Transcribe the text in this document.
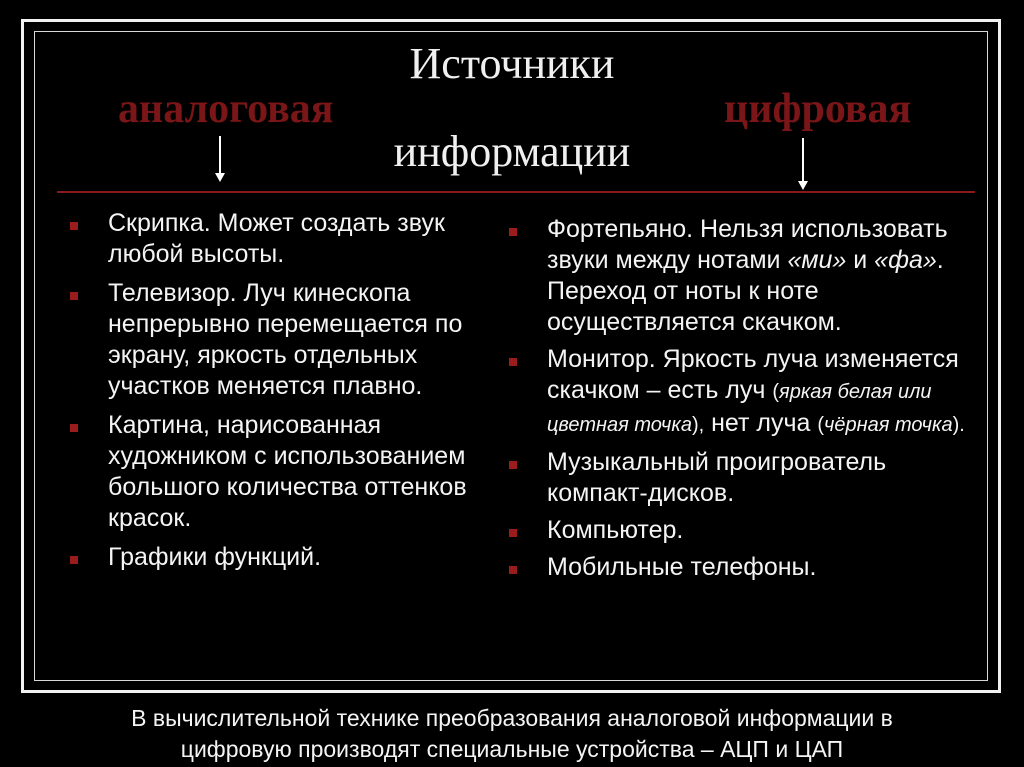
Источники
аналоговая	цифровая
информации
Скрипка. Может создать звук любой высоты.
Телевизор. Луч кинескопа непрерывно перемещается по экрану, яркость отдельных участков меняется плавно.
Картина, нарисованная художником с использованием большого количества оттенков красок.
Графики функций.
Фортепьяно. Нельзя использовать звуки между нотами «ми» и «фа». Переход от ноты к ноте осуществляется скачком.
Монитор. Яркость луча изменяется скачком – есть луч (яркая белая или цветная точка), нет луча (чёрная точка).
Музыкальный проигрователь компакт-дисков.
Компьютер.
Мобильные телефоны.
В вычислительной технике преобразования аналоговой информации в
цифровую производят специальные устройства – АЦП и ЦАП
